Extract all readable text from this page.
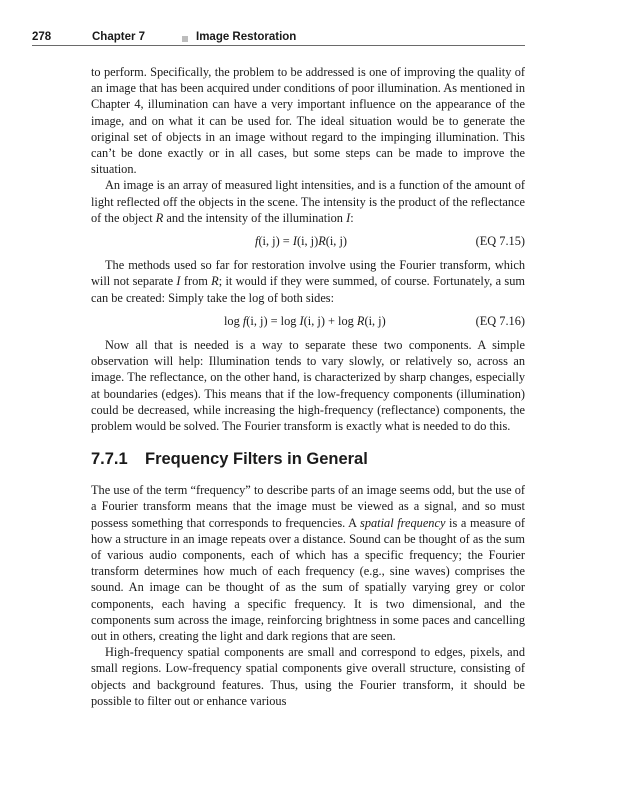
278	Chapter 7	Image Restoration

to perform. Specifically, the problem to be addressed is one of improving the quality of an image that has been acquired under conditions of poor illumination. As mentioned in Chapter 4, illumination can have a very important influence on the appearance of the image, and on what it can be used for. The ideal situation would be to generate the original set of objects in an image without regard to the impinging illumination. This can’t be done exactly or in all cases, but some steps can be made to improve the situation.

An image is an array of measured light intensities, and is a function of the amount of light reflected off the objects in the scene. The intensity is the product of the reflectance of the object R and the intensity of the illumination I:

f(i, j) = I(i, j)R(i, j)	(EQ 7.15)

The methods used so far for restoration involve using the Fourier transform, which will not separate I from R; it would if they were summed, of course. Fortunately, a sum can be created: Simply take the log of both sides:

log f(i, j) = log I(i, j) + log R(i, j)	(EQ 7.16)

Now all that is needed is a way to separate these two components. A simple observation will help: Illumination tends to vary slowly, or relatively so, across an image. The reflectance, on the other hand, is characterized by sharp changes, especially at boundaries (edges). This means that if the low-frequency components (illumination) could be decreased, while increasing the high-frequency (reflectance) components, the problem would be solved. The Fourier transform is exactly what is needed to do this.

7.7.1 Frequency Filters in General

The use of the term “frequency” to describe parts of an image seems odd, but the use of a Fourier transform means that the image must be viewed as a signal, and so must possess something that corresponds to frequencies. A spatial frequency is a measure of how a structure in an image repeats over a distance. Sound can be thought of as the sum of various audio components, each of which has a specific frequency; the Fourier transform determines how much of each frequency (e.g., sine waves) comprises the sound. An image can be thought of as the sum of spatially varying grey or color components, each having a specific frequency. It is two dimensional, and the components sum across the image, reinforcing brightness in some paces and cancelling out in others, creating the light and dark regions that are seen.

High-frequency spatial components are small and correspond to edges, pixels, and small regions. Low-frequency spatial components give overall structure, consisting of objects and background features. Thus, using the Fourier transform, it should be possible to filter out or enhance various
